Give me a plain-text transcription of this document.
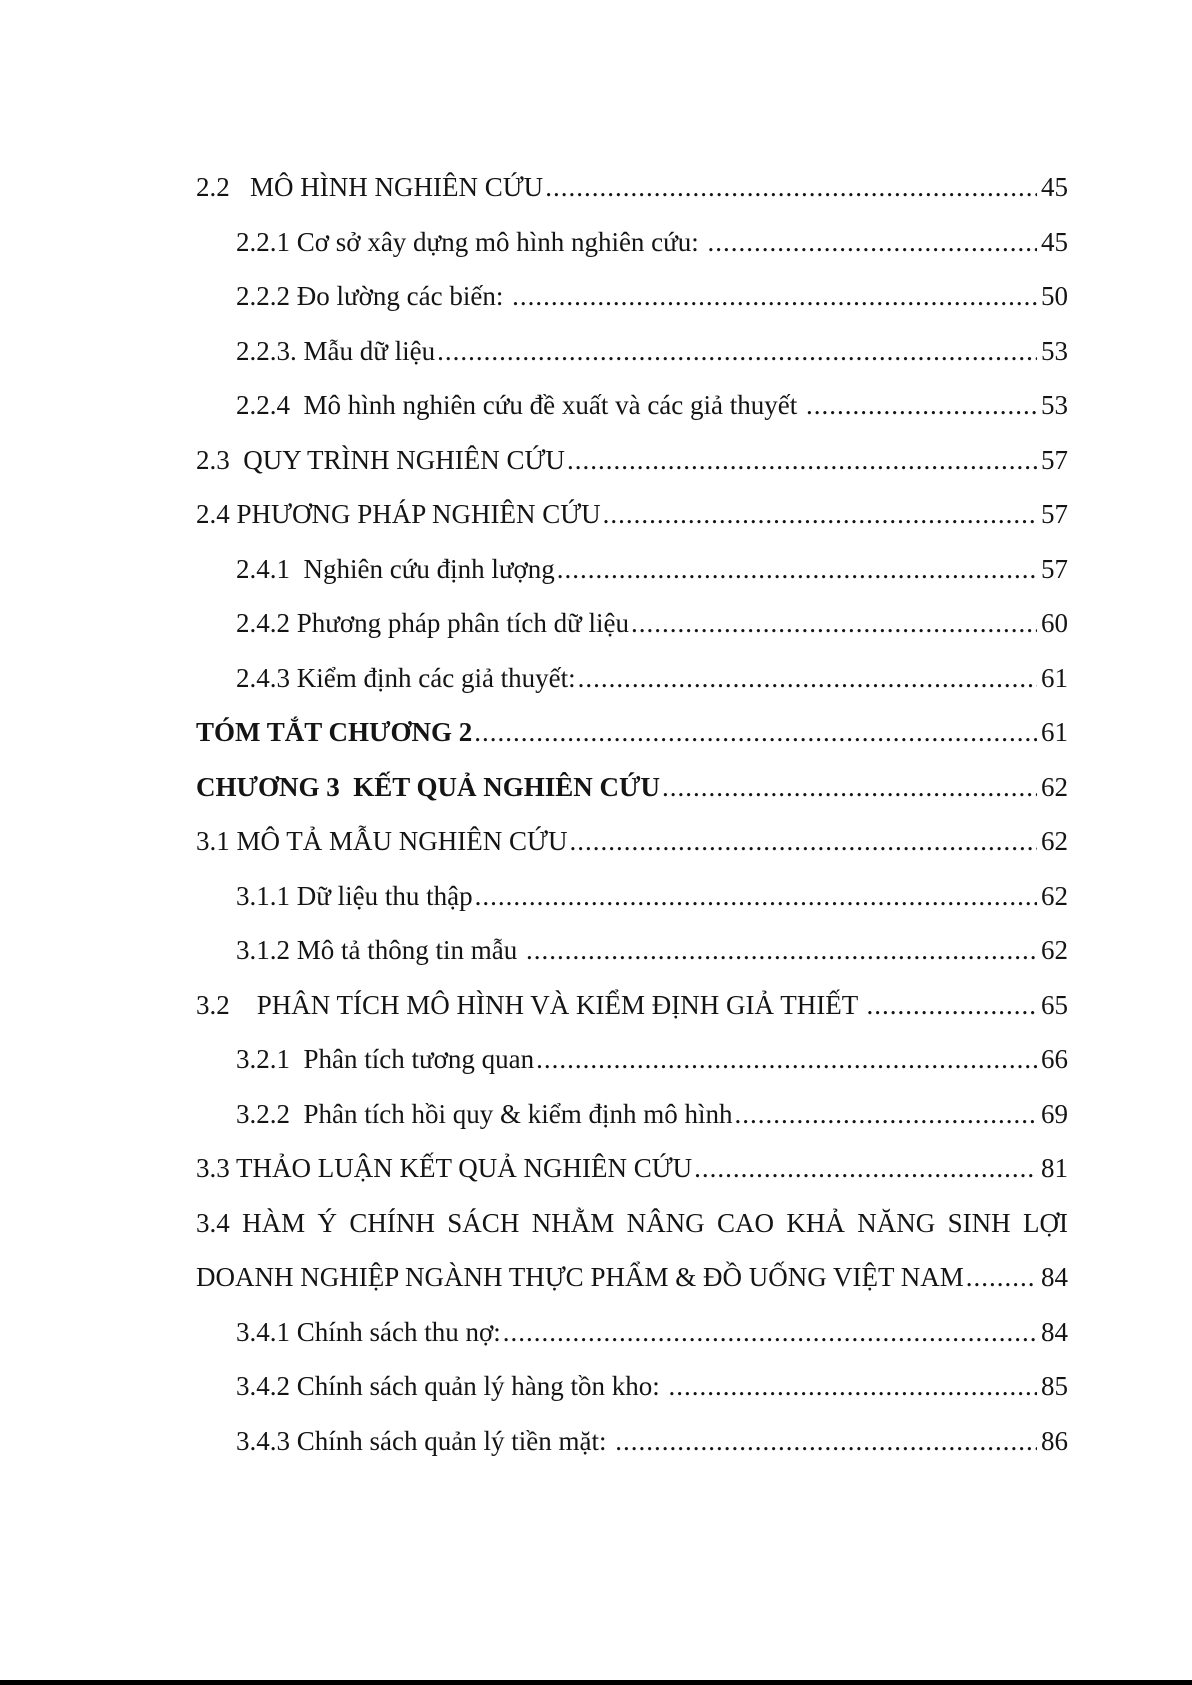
2.2   MÔ HÌNH NGHIÊN CỨU .....	45
2.2.1 Cơ sở xây dựng mô hình nghiên cứu: .....	45
2.2.2 Đo lường các biến: .....	50
2.2.3. Mẫu dữ liệu .....	53
2.2.4  Mô hình nghiên cứu đề xuất và các giả thuyết .....	53
2.3  QUY TRÌNH NGHIÊN CỨU .....	57
2.4 PHƯƠNG PHÁP NGHIÊN CỨU .....	57
2.4.1  Nghiên cứu định lượng .....	57
2.4.2 Phương pháp phân tích dữ liệu .....	60
2.4.3 Kiểm định các giả thuyết: .....	61
TÓM TẮT CHƯƠNG 2 .....	61
CHƯƠNG 3  KẾT QUẢ NGHIÊN CỨU .....	62
3.1 MÔ TẢ MẪU NGHIÊN CỨU .....	62
3.1.1 Dữ liệu thu thập .....	62
3.1.2 Mô tả thông tin mẫu .....	62
3.2    PHÂN TÍCH MÔ HÌNH VÀ KIỂM ĐỊNH GIẢ THIẾT .....	65
3.2.1  Phân tích tương quan .....	66
3.2.2  Phân tích hồi quy & kiểm định mô hình .....	69
3.3 THẢO LUẬN KẾT QUẢ NGHIÊN CỨU .....	81
3.4 HÀM Ý CHÍNH SÁCH NHẰM NÂNG CAO KHẢ NĂNG SINH LỢI
DOANH NGHIỆP NGÀNH THỰC PHẨM & ĐỒ UỐNG VIỆT NAM .....	84
3.4.1 Chính sách thu nợ: .....	84
3.4.2 Chính sách quản lý hàng tồn kho: .....	85
3.4.3 Chính sách quản lý tiền mặt: .....	86
